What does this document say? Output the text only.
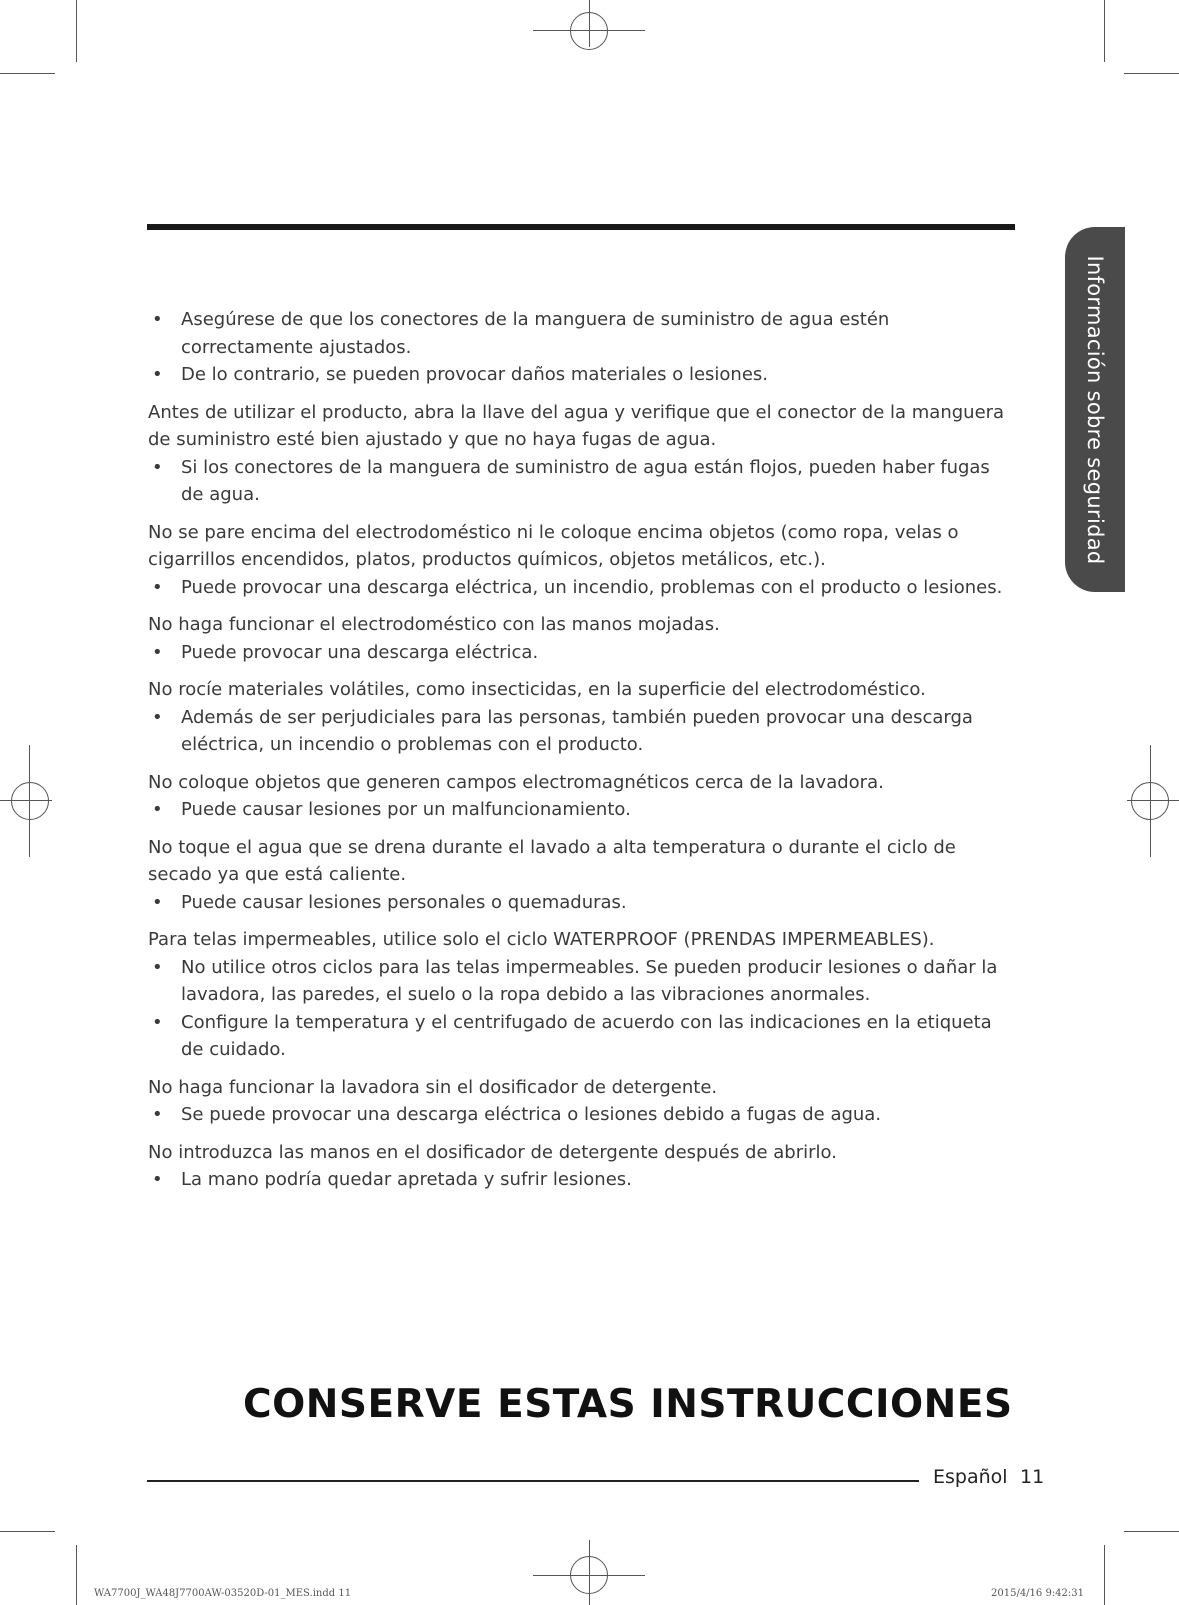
Información sobre seguridad

• Asegúrese de que los conectores de la manguera de suministro de agua estén correctamente ajustados.

• De lo contrario, se pueden provocar daños materiales o lesiones.

Antes de utilizar el producto, abra la llave del agua y verifique que el conector de la manguera de suministro esté bien ajustado y que no haya fugas de agua.

• Si los conectores de la manguera de suministro de agua están flojos, pueden haber fugas de agua.

No se pare encima del electrodoméstico ni le coloque encima objetos (como ropa, velas o cigarrillos encendidos, platos, productos químicos, objetos metálicos, etc.).

• Puede provocar una descarga eléctrica, un incendio, problemas con el producto o lesiones.

No haga funcionar el electrodoméstico con las manos mojadas.

• Puede provocar una descarga eléctrica.

No rocíe materiales volátiles, como insecticidas, en la superficie del electrodoméstico.

• Además de ser perjudiciales para las personas, también pueden provocar una descarga eléctrica, un incendio o problemas con el producto.

No coloque objetos que generen campos electromagnéticos cerca de la lavadora.

• Puede causar lesiones por un malfuncionamiento.

No toque el agua que se drena durante el lavado a alta temperatura o durante el ciclo de secado ya que está caliente.

• Puede causar lesiones personales o quemaduras.

Para telas impermeables, utilice solo el ciclo WATERPROOF (PRENDAS IMPERMEABLES).

• No utilice otros ciclos para las telas impermeables. Se pueden producir lesiones o dañar la lavadora, las paredes, el suelo o la ropa debido a las vibraciones anormales.

• Configure la temperatura y el centrifugado de acuerdo con las indicaciones en la etiqueta de cuidado.

No haga funcionar la lavadora sin el dosificador de detergente.

• Se puede provocar una descarga eléctrica o lesiones debido a fugas de agua.

No introduzca las manos en el dosificador de detergente después de abrirlo.

• La mano podría quedar apretada y sufrir lesiones.

CONSERVE ESTAS INSTRUCCIONES
Español 11
WA7700J_WA48J7700AW-03520D-01_MES.indd 11	2015/4/16 9:42:31
